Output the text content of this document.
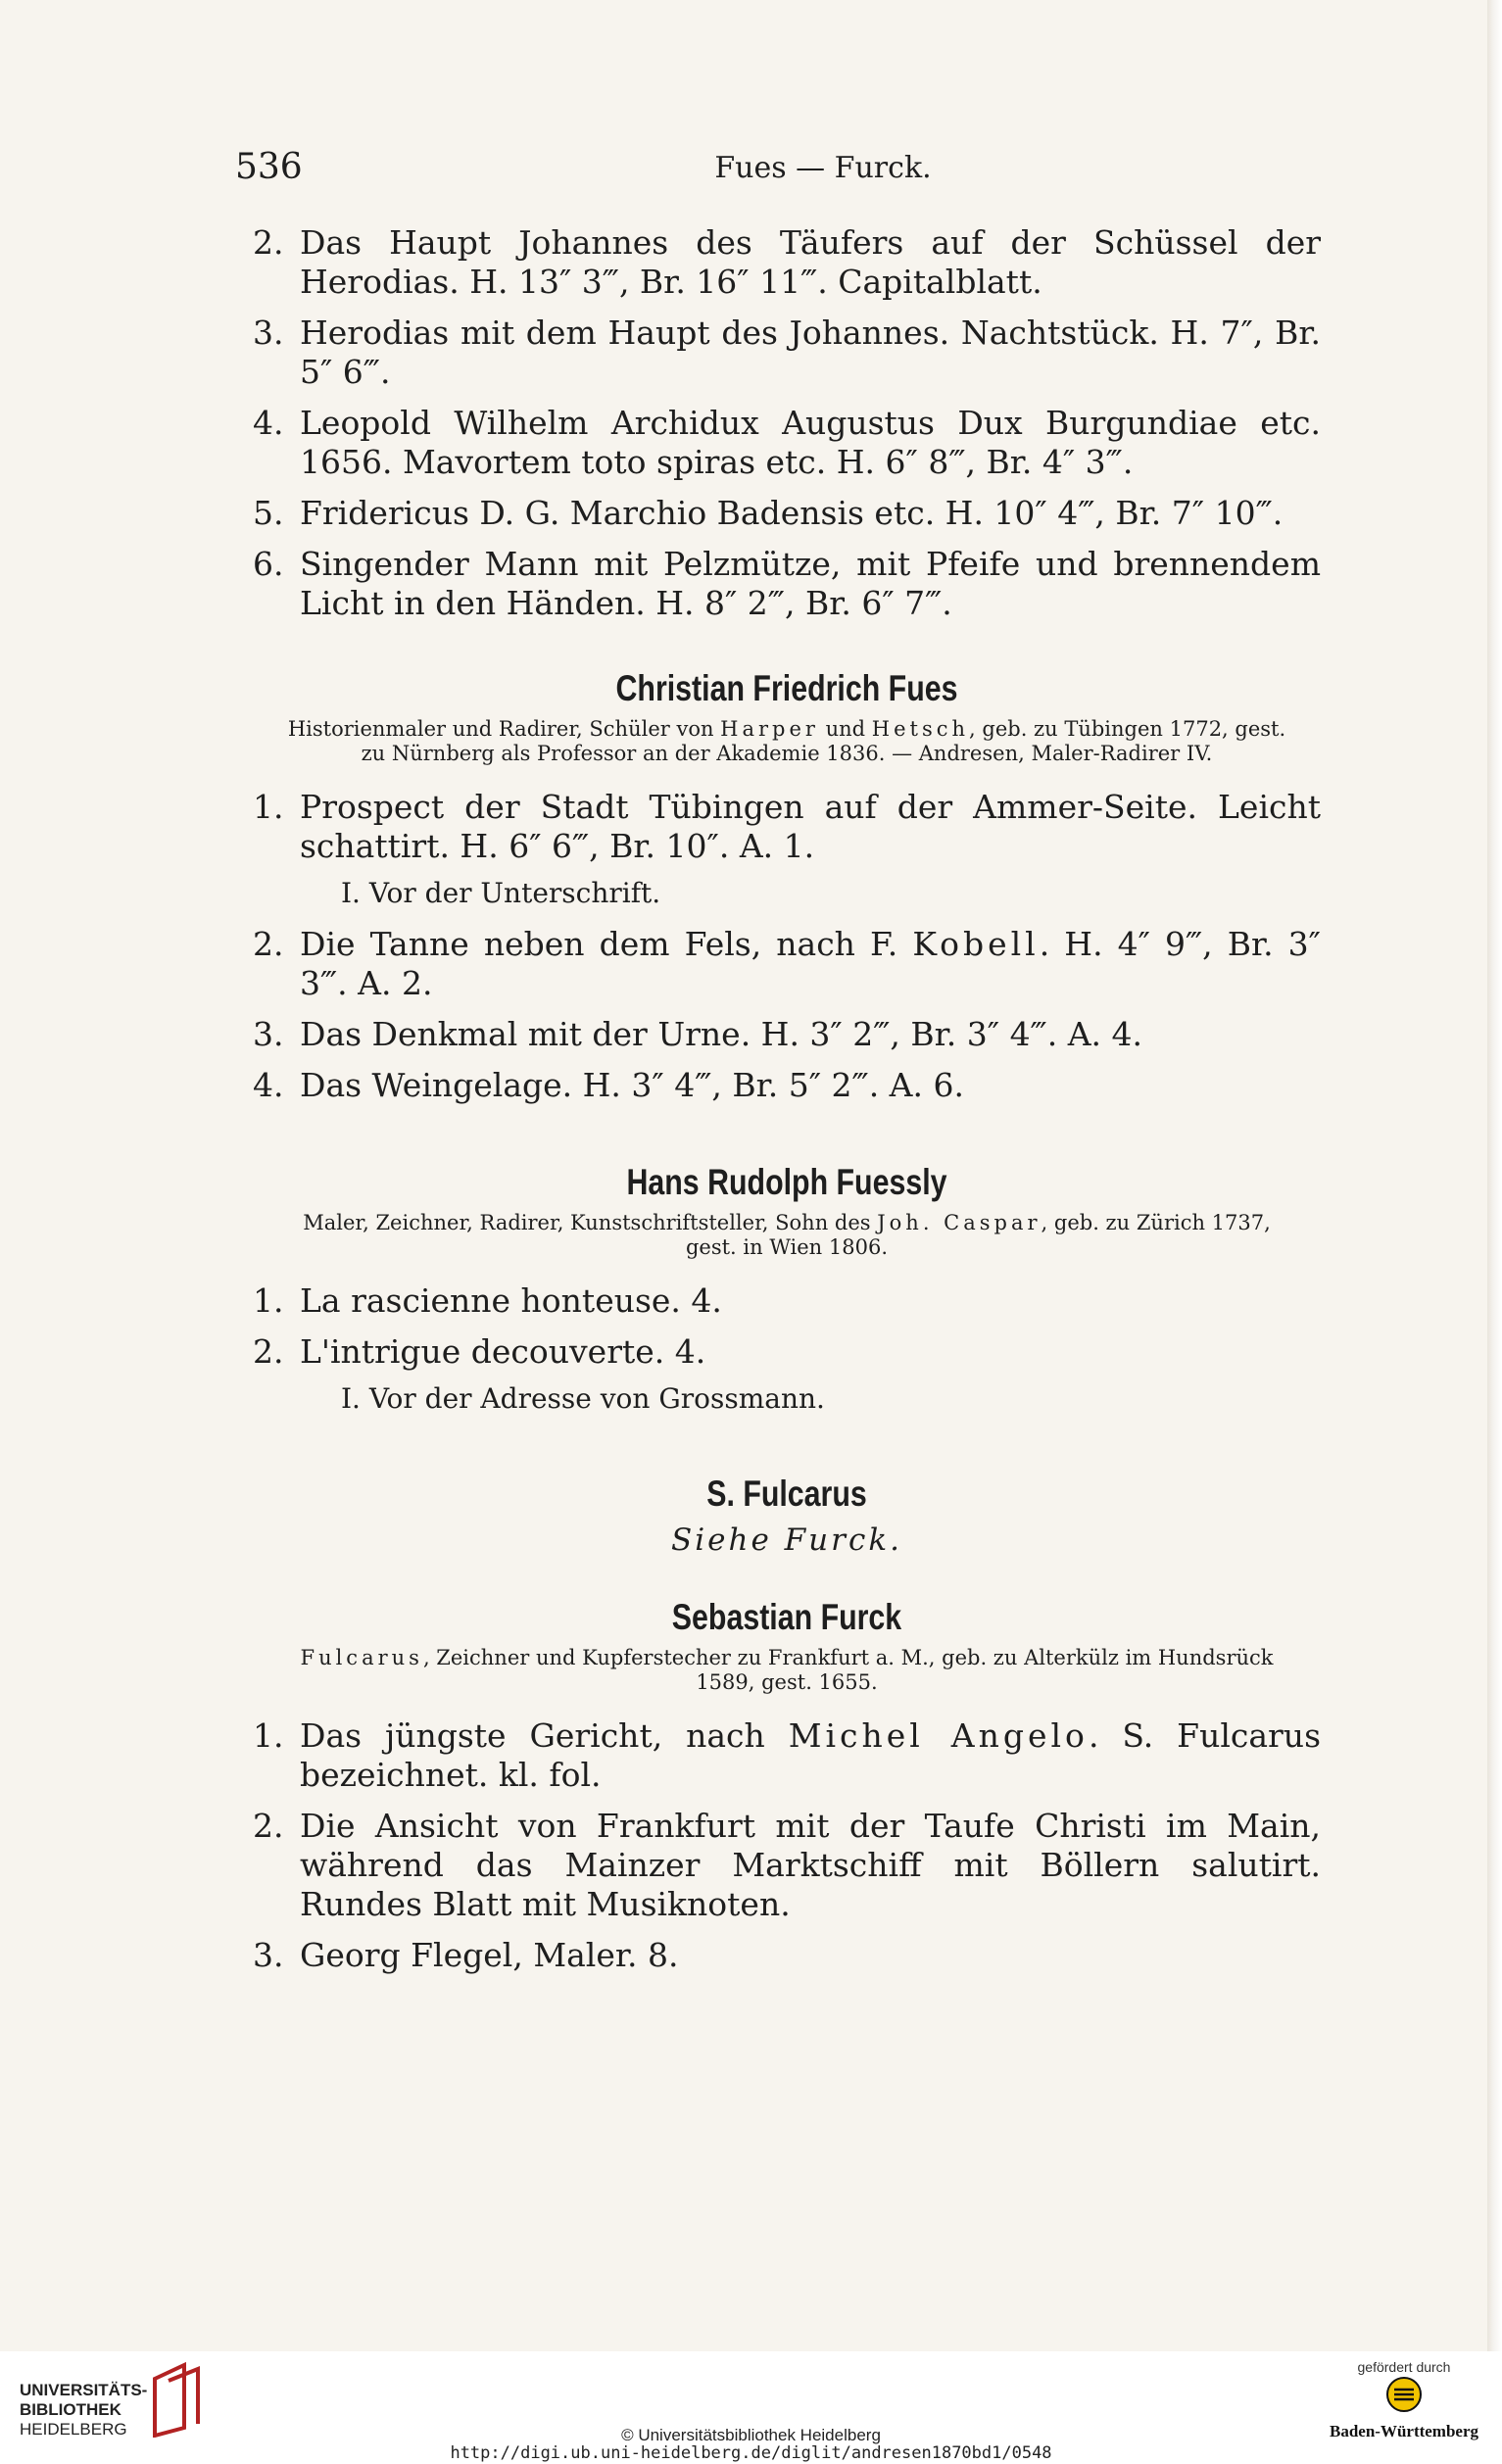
536	Fues — Furck.
2. Das Haupt Johannes des Täufers auf der Schüssel der Herodias. H. 13″ 3‴, Br. 16″ 11‴. Capitalblatt.
3. Herodias mit dem Haupt des Johannes. Nachtstück. H. 7″, Br. 5″ 6‴.
4. Leopold Wilhelm Archidux Augustus Dux Burgundiae etc. 1656. Mavortem toto spiras etc. H. 6″ 8‴, Br. 4″ 3‴.
5. Fridericus D. G. Marchio Badensis etc. H. 10″ 4‴, Br. 7″ 10‴.
6. Singender Mann mit Pelzmütze, mit Pfeife und brennendem Licht in den Händen. H. 8″ 2‴, Br. 6″ 7‴.
Christian Friedrich Fues
Historienmaler und Radirer, Schüler von Harper und Hetsch, geb. zu Tübingen 1772, gest. zu Nürnberg als Professor an der Akademie 1836. — Andresen, Maler-Radirer IV.
1. Prospect der Stadt Tübingen auf der Ammer-Seite. Leicht schattirt. H. 6″ 6‴, Br. 10″. A. 1.
I. Vor der Unterschrift.
2. Die Tanne neben dem Fels, nach F. Kobell. H. 4″ 9‴, Br. 3″ 3‴. A. 2.
3. Das Denkmal mit der Urne. H. 3″ 2‴, Br. 3″ 4‴. A. 4.
4. Das Weingelage. H. 3″ 4‴, Br. 5″ 2‴. A. 6.
Hans Rudolph Fuessly
Maler, Zeichner, Radirer, Kunstschriftsteller, Sohn des Joh. Caspar, geb. zu Zürich 1737, gest. in Wien 1806.
1. La rascienne honteuse. 4.
2. L'intrigue decouverte. 4.
I. Vor der Adresse von Grossmann.
S. Fulcarus
Siehe Furck.
Sebastian Furck
Fulcarus, Zeichner und Kupferstecher zu Frankfurt a. M., geb. zu Alterkülz im Hundsrück 1589, gest. 1655.
1. Das jüngste Gericht, nach Michel Angelo. S. Fulcarus bezeichnet. kl. fol.
2. Die Ansicht von Frankfurt mit der Taufe Christi im Main, während das Mainzer Marktschiff mit Böllern salutirt. Rundes Blatt mit Musiknoten.
3. Georg Flegel, Maler. 8.
UNIVERSITÄTS-
BIBLIOTHEK
HEIDELBERG	© Universitätsbibliothek Heidelberg
http://digi.ub.uni-heidelberg.de/diglit/andresen1870bd1/0548
gefördert durch
Baden-Württemberg
